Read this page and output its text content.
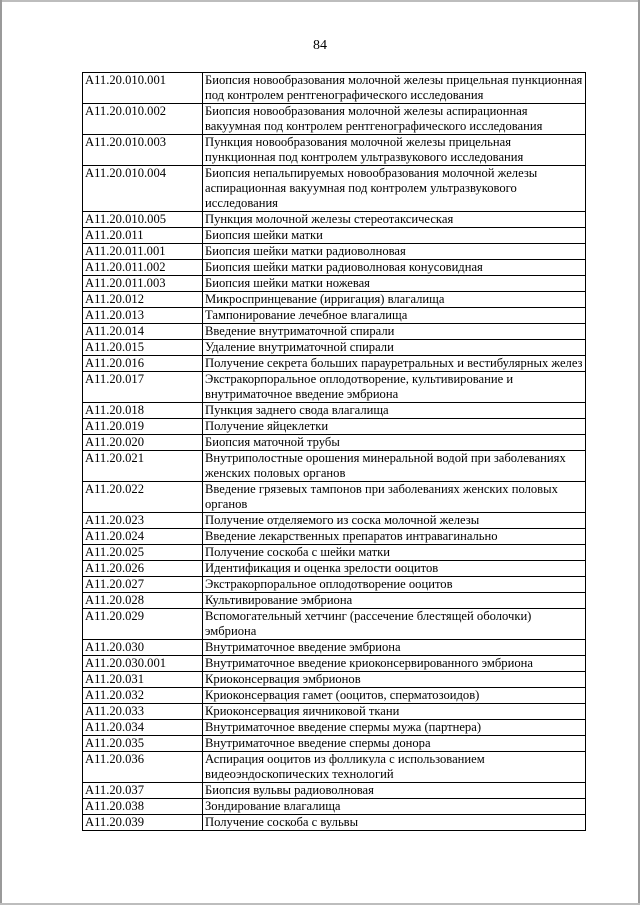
84
A11.20.010.001	Биопсия новообразования молочной железы прицельная пункционная под контролем рентгенографического исследования
A11.20.010.002	Биопсия новообразования молочной железы аспирационная вакуумная под контролем рентгенографического исследования
A11.20.010.003	Пункция новообразования молочной железы прицельная пункционная под контролем ультразвукового исследования
A11.20.010.004	Биопсия непальпируемых новообразования молочной железы аспирационная вакуумная под контролем ультразвукового исследования
A11.20.010.005	Пункция молочной железы стереотаксическая
A11.20.011	Биопсия шейки матки
A11.20.011.001	Биопсия шейки матки радиоволновая
A11.20.011.002	Биопсия шейки матки радиоволновая конусовидная
A11.20.011.003	Биопсия шейки матки ножевая
A11.20.012	Микроспринцевание (ирригация) влагалища
A11.20.013	Тампонирование лечебное влагалища
A11.20.014	Введение внутриматочной спирали
A11.20.015	Удаление внутриматочной спирали
A11.20.016	Получение секрета больших парауретральных и вестибулярных желез
A11.20.017	Экстракорпоральное оплодотворение, культивирование и внутриматочное введение эмбриона
A11.20.018	Пункция заднего свода влагалища
A11.20.019	Получение яйцеклетки
A11.20.020	Биопсия маточной трубы
A11.20.021	Внутриполостные орошения минеральной водой при заболеваниях женских половых органов
A11.20.022	Введение грязевых тампонов при заболеваниях женских половых органов
A11.20.023	Получение отделяемого из соска молочной железы
A11.20.024	Введение лекарственных препаратов интравагинально
A11.20.025	Получение соскоба с шейки матки
A11.20.026	Идентификация и оценка зрелости ооцитов
A11.20.027	Экстракорпоральное оплодотворение ооцитов
A11.20.028	Культивирование эмбриона
A11.20.029	Вспомогательный хетчинг (рассечение блестящей оболочки) эмбриона
A11.20.030	Внутриматочное введение эмбриона
A11.20.030.001	Внутриматочное введение криоконсервированного эмбриона
A11.20.031	Криоконсервация эмбрионов
A11.20.032	Криоконсервация гамет (ооцитов, сперматозоидов)
A11.20.033	Криоконсервация яичниковой ткани
A11.20.034	Внутриматочное введение спермы мужа (партнера)
A11.20.035	Внутриматочное введение спермы донора
A11.20.036	Аспирация ооцитов из фолликула с использованием видеоэндоскопических технологий
A11.20.037	Биопсия вульвы радиоволновая
A11.20.038	Зондирование влагалища
A11.20.039	Получение соскоба с вульвы
